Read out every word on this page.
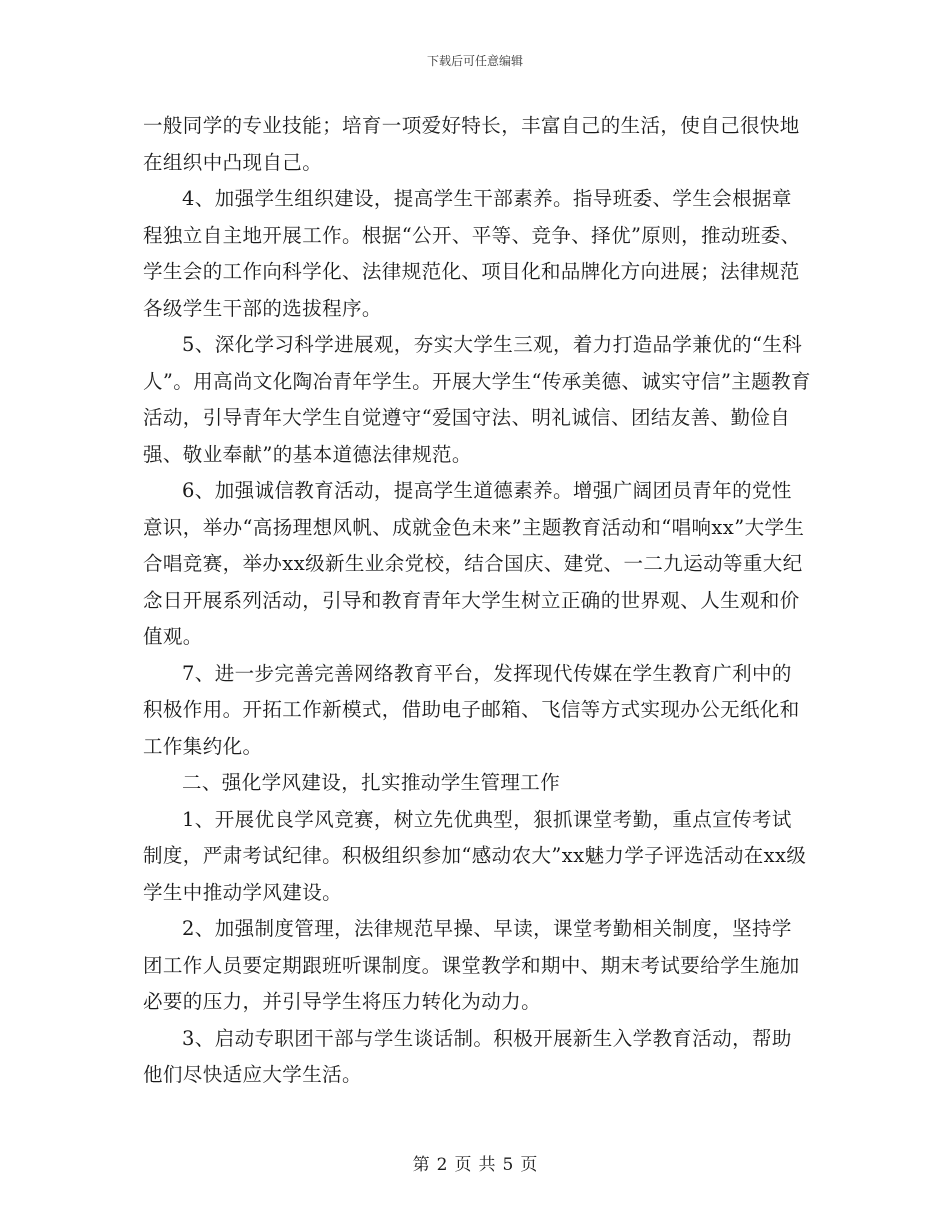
下载后可任意编辑

一般同学的专业技能；培育一项爱好特长，丰富自己的生活，使自己很快地在组织中凸现自己。

4、加强学生组织建设，提高学生干部素养。指导班委、学生会根据章程独立自主地开展工作。根据“公开、平等、竞争、择优”原则，推动班委、学生会的工作向科学化、法律规范化、项目化和品牌化方向进展；法律规范各级学生干部的选拔程序。

5、深化学习科学进展观，夯实大学生三观，着力打造品学兼优的“生科人”。用高尚文化陶冶青年学生。开展大学生“传承美德、诚实守信”主题教育活动，引导青年大学生自觉遵守“爱国守法、明礼诚信、团结友善、勤俭自强、敬业奉献”的基本道德法律规范。

6、加强诚信教育活动，提高学生道德素养。增强广阔团员青年的党性意识，举办“高扬理想风帆、成就金色未来”主题教育活动和“唱响xx”大学生合唱竞赛，举办xx级新生业余党校，结合国庆、建党、一二九运动等重大纪念日开展系列活动，引导和教育青年大学生树立正确的世界观、人生观和价值观。

7、进一步完善完善网络教育平台，发挥现代传媒在学生教育广利中的积极作用。开拓工作新模式，借助电子邮箱、飞信等方式实现办公无纸化和工作集约化。

二、强化学风建设，扎实推动学生管理工作

1、开展优良学风竞赛，树立先优典型，狠抓课堂考勤，重点宣传考试制度，严肃考试纪律。积极组织参加“感动农大”xx魅力学子评选活动在xx级学生中推动学风建设。

2、加强制度管理，法律规范早操、早读，课堂考勤相关制度，坚持学团工作人员要定期跟班听课制度。课堂教学和期中、期末考试要给学生施加必要的压力，并引导学生将压力转化为动力。

3、启动专职团干部与学生谈话制。积极开展新生入学教育活动，帮助他们尽快适应大学生活。

第 2 页 共 5 页
